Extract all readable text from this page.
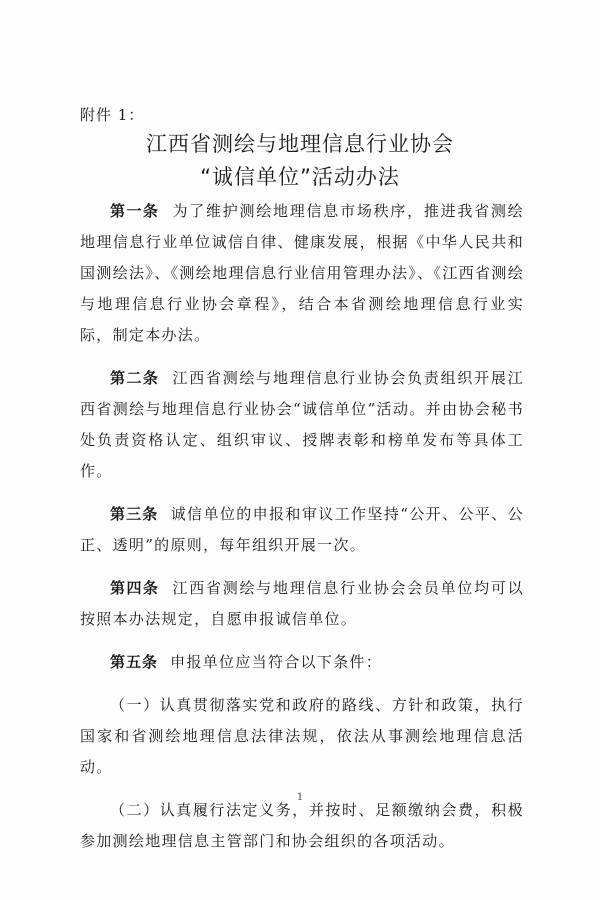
附件 1：
江西省测绘与地理信息行业协会
“诚信单位”活动办法

第一条 为了维护测绘地理信息市场秩序，推进我省测绘地理信息行业单位诚信自律、健康发展，根据《中华人民共和国测绘法》、《测绘地理信息行业信用管理办法》、《江西省测绘与地理信息行业协会章程》，结合本省测绘地理信息行业实际，制定本办法。

第二条 江西省测绘与地理信息行业协会负责组织开展江西省测绘与地理信息行业协会“诚信单位”活动。并由协会秘书处负责资格认定、组织审议、授牌表彰和榜单发布等具体工作。

第三条 诚信单位的申报和审议工作坚持“公开、公平、公正、透明”的原则，每年组织开展一次。

第四条 江西省测绘与地理信息行业协会会员单位均可以按照本办法规定，自愿申报诚信单位。

第五条 申报单位应当符合以下条件：

（一）认真贯彻落实党和政府的路线、方针和政策，执行国家和省测绘地理信息法律法规，依法从事测绘地理信息活动。

（二）认真履行法定义务，并按时、足额缴纳会费，积极参加测绘地理信息主管部门和协会组织的各项活动。

1
